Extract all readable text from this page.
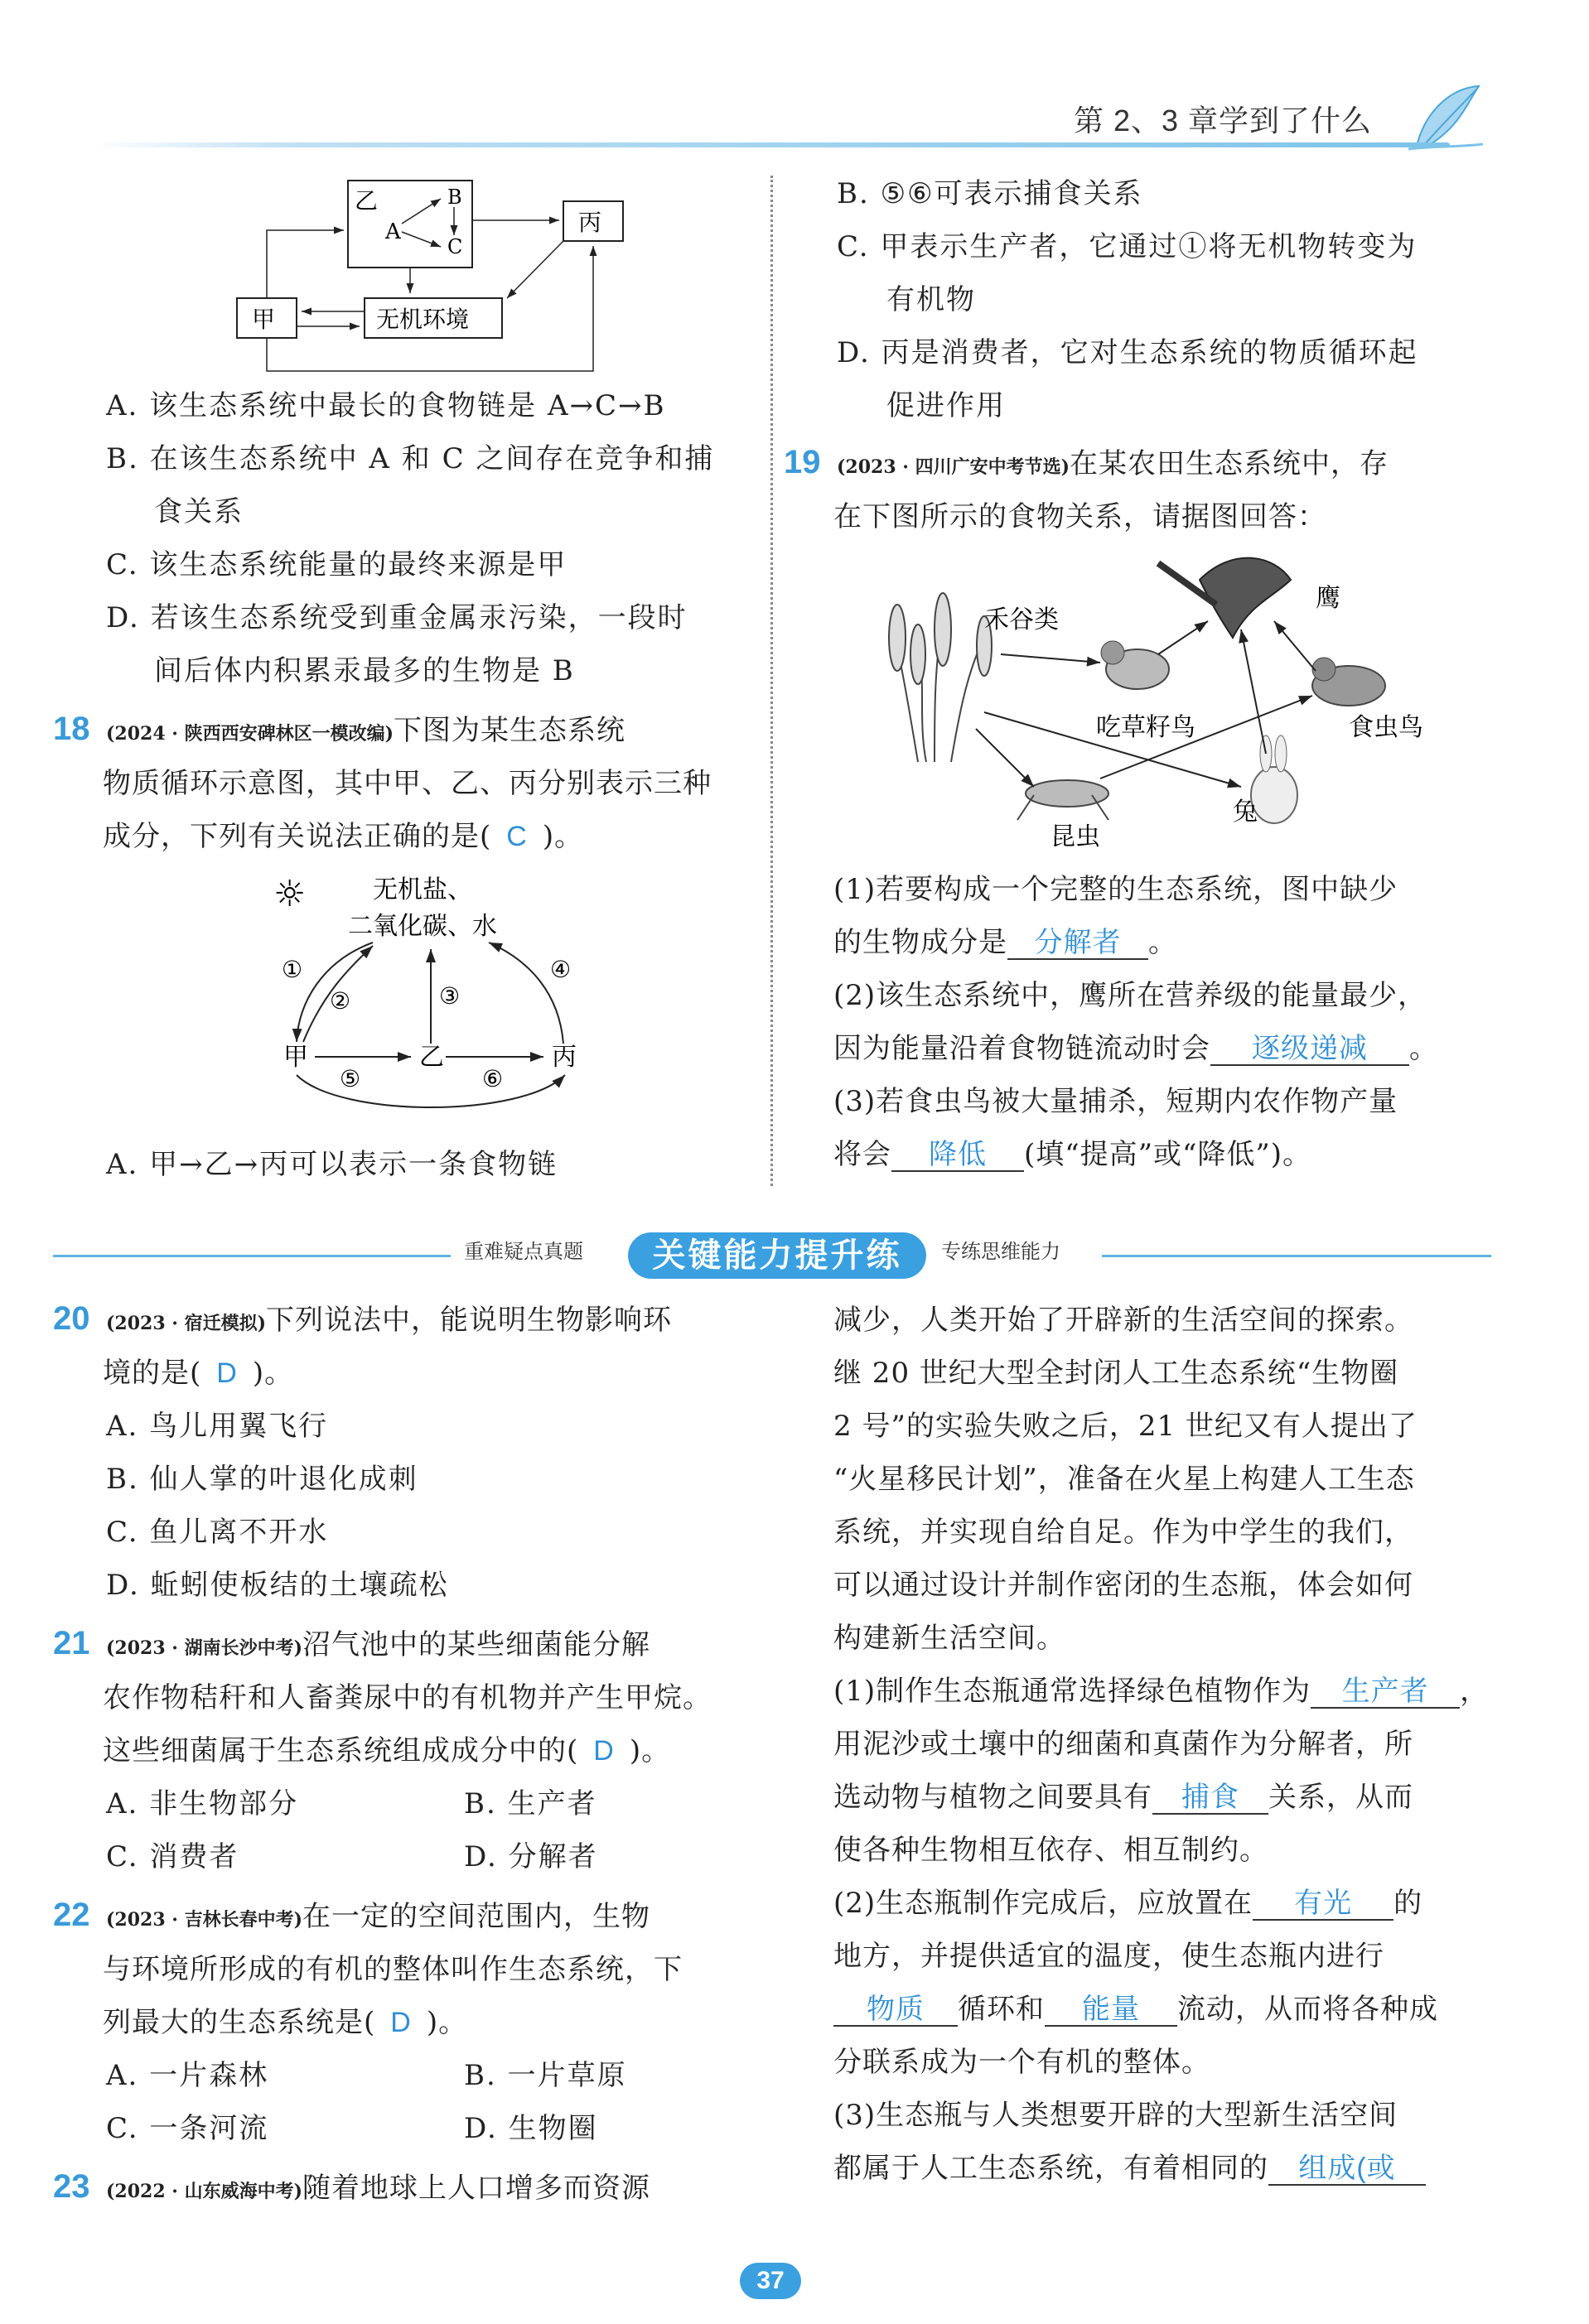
第 2、3 章学到了什么
乙
A
B
C
丙
甲	无机环境
A. 该生态系统中最长的食物链是 A→C→B
B. 在该生态系统中 A 和 C 之间存在竞争和捕
食关系
C. 该生态系统能量的最终来源是甲
D. 若该生态系统受到重金属汞污染，一段时
间后体内积累汞最多的生物是 B
18 (2024 · 陕西西安碑林区一模改编)下图为某生态系统
物质循环示意图，其中甲、乙、丙分别表示三种
成分，下列有关说法正确的是( C )。
☼	无机盐、
二氧化碳、水
甲	乙	丙
①
②	③
④
⑤	⑥
A. 甲→乙→丙可以表示一条食物链
B. ⑤⑥可表示捕食关系
C. 甲表示生产者，它通过①将无机物转变为
有机物
D. 丙是消费者，它对生态系统的物质循环起
促进作用
19 (2023 · 四川广安中考节选)在某农田生态系统中，存
在下图所示的食物关系，请据图回答：
禾谷类
吃草籽鸟
鹰
食虫鸟
昆虫
兔
(1)若要构成一个完整的生态系统，图中缺少
的生物成分是 分解者 。
(2)该生态系统中，鹰所在营养级的能量最少，
因为能量沿着食物链流动时会 逐级递减 。
(3)若食虫鸟被大量捕杀，短期内农作物产量
将会 降低 (填“提高”或“降低”)。
重难疑点真题	关键能力提升练	专练思维能力
20 (2023 · 宿迁模拟)下列说法中，能说明生物影响环
境的是( D )。
A. 鸟儿用翼飞行
B. 仙人掌的叶退化成刺
C. 鱼儿离不开水
D. 蚯蚓使板结的土壤疏松
21 (2023 · 湖南长沙中考)沼气池中的某些细菌能分解
农作物秸秆和人畜粪尿中的有机物并产生甲烷。
这些细菌属于生态系统组成成分中的( D )。
A. 非生物部分	B. 生产者
C. 消费者	D. 分解者
22 (2023 · 吉林长春中考)在一定的空间范围内，生物
与环境所形成的有机的整体叫作生态系统，下
列最大的生态系统是( D )。
A. 一片森林	B. 一片草原
C. 一条河流	D. 生物圈
23 (2022 · 山东威海中考)随着地球上人口增多而资源
减少，人类开始了开辟新的生活空间的探索。
继 20 世纪大型全封闭人工生态系统“生物圈
2 号”的实验失败之后，21 世纪又有人提出了
“火星移民计划”，准备在火星上构建人工生态
系统，并实现自给自足。作为中学生的我们，
可以通过设计并制作密闭的生态瓶，体会如何
构建新生活空间。
(1)制作生态瓶通常选择绿色植物作为 生产者 ，
用泥沙或土壤中的细菌和真菌作为分解者，所
选动物与植物之间要具有 捕食 关系，从而
使各种生物相互依存、相互制约。
(2)生态瓶制作完成后，应放置在 有光 的
地方，并提供适宜的温度，使生态瓶内进行
物质 循环和 能量 流动，从而将各种成
分联系成为一个有机的整体。
(3)生态瓶与人类想要开辟的大型新生活空间
都属于人工生态系统，有着相同的 组成(或
37
